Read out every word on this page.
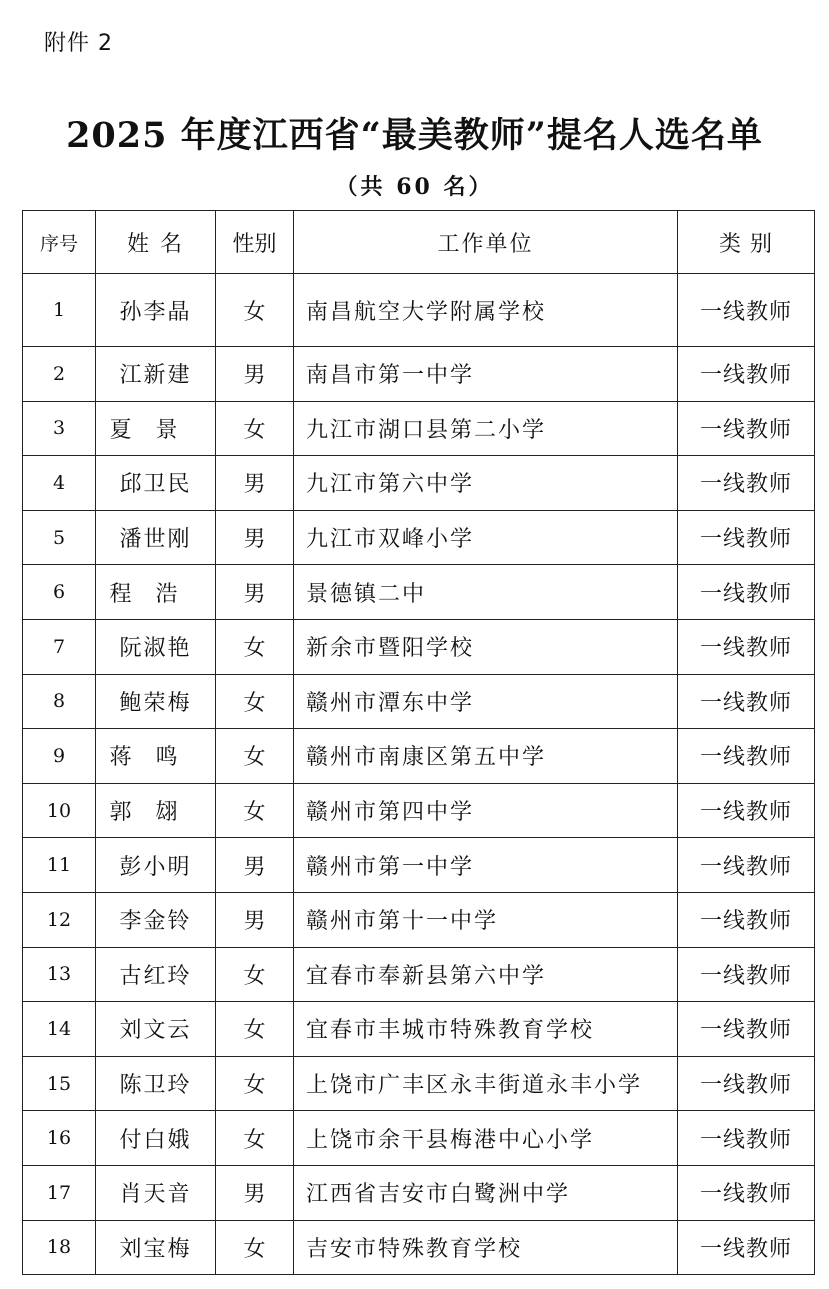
附件 2
2025 年度江西省“最美教师”提名人选名单
（共 60 名）
序号	姓 名	性别	工作单位	类 别
1	孙李晶	女	南昌航空大学附属学校	一线教师
2	江新建	男	南昌市第一中学	一线教师
3	夏景	女	九江市湖口县第二小学	一线教师
4	邱卫民	男	九江市第六中学	一线教师
5	潘世刚	男	九江市双峰小学	一线教师
6	程浩	男	景德镇二中	一线教师
7	阮淑艳	女	新余市暨阳学校	一线教师
8	鲍荣梅	女	赣州市潭东中学	一线教师
9	蒋鸣	女	赣州市南康区第五中学	一线教师
10	郭翃	女	赣州市第四中学	一线教师
11	彭小明	男	赣州市第一中学	一线教师
12	李金铃	男	赣州市第十一中学	一线教师
13	古红玲	女	宜春市奉新县第六中学	一线教师
14	刘文云	女	宜春市丰城市特殊教育学校	一线教师
15	陈卫玲	女	上饶市广丰区永丰街道永丰小学	一线教师
16	付白娥	女	上饶市余干县梅港中心小学	一线教师
17	肖天音	男	江西省吉安市白鹭洲中学	一线教师
18	刘宝梅	女	吉安市特殊教育学校	一线教师
